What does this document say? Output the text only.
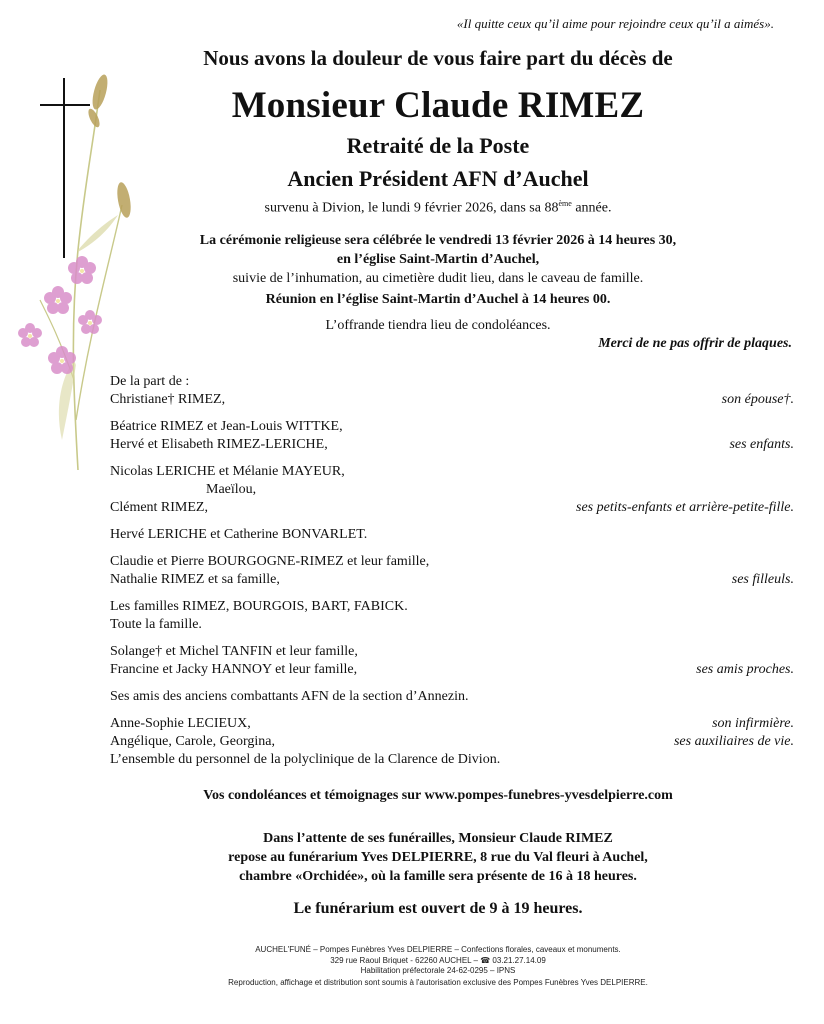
«Il quitte ceux qu’il aime pour rejoindre ceux qu’il a aimés».
Nous avons la douleur de vous faire part du décès de
Monsieur Claude RIMEZ
Retraité de la Poste
Ancien Président AFN d’Auchel
survenu à Divion, le lundi 9 février 2026, dans sa 88ème année.
La cérémonie religieuse sera célébrée le vendredi 13 février 2026 à 14 heures 30,
en l’église Saint-Martin d’Auchel,
suivie de l’inhumation, au cimetière dudit lieu, dans le caveau de famille.
Réunion en l’église Saint-Martin d’Auchel à 14 heures 00.
L’offrande tiendra lieu de condoléances.
Merci de ne pas offrir de plaques.
De la part de :
Christiane† RIMEZ,	son épouse†.
Béatrice RIMEZ et Jean-Louis WITTKE,
Hervé et Elisabeth RIMEZ-LERICHE,	ses enfants.
Nicolas LERICHE et Mélanie MAYEUR,
Maeïlou,
Clément RIMEZ,	ses petits-enfants et arrière-petite-fille.
Hervé LERICHE et Catherine BONVARLET.
Claudie et Pierre BOURGOGNE-RIMEZ et leur famille,
Nathalie RIMEZ et sa famille,	ses filleuls.
Les familles RIMEZ, BOURGOIS, BART, FABICK.
Toute la famille.
Solange† et Michel TANFIN et leur famille,
Francine et Jacky HANNOY et leur famille,	ses amis proches.
Ses amis des anciens combattants AFN de la section d’Annezin.
Anne-Sophie LECIEUX,	son infirmière.
Angélique, Carole, Georgina,	ses auxiliaires de vie.
L’ensemble du personnel de la polyclinique de la Clarence de Divion.
Vos condoléances et témoignages sur www.pompes-funebres-yvesdelpierre.com
Dans l’attente de ses funérailles, Monsieur Claude RIMEZ
repose au funérarium Yves DELPIERRE, 8 rue du Val fleuri à Auchel,
chambre «Orchidée», où la famille sera présente de 16 à 18 heures.
Le funérarium est ouvert de 9 à 19 heures.
AUCHEL'FUNÉ – Pompes Funèbres Yves DELPIERRE – Confections florales, caveaux et monuments.
329 rue Raoul Briquet - 62260 AUCHEL – ☎ 03.21.27.14.09
Habilitation préfectorale 24-62-0295 – IPNS
Reproduction, affichage et distribution sont soumis à l'autorisation exclusive des Pompes Funèbres Yves DELPIERRE.
